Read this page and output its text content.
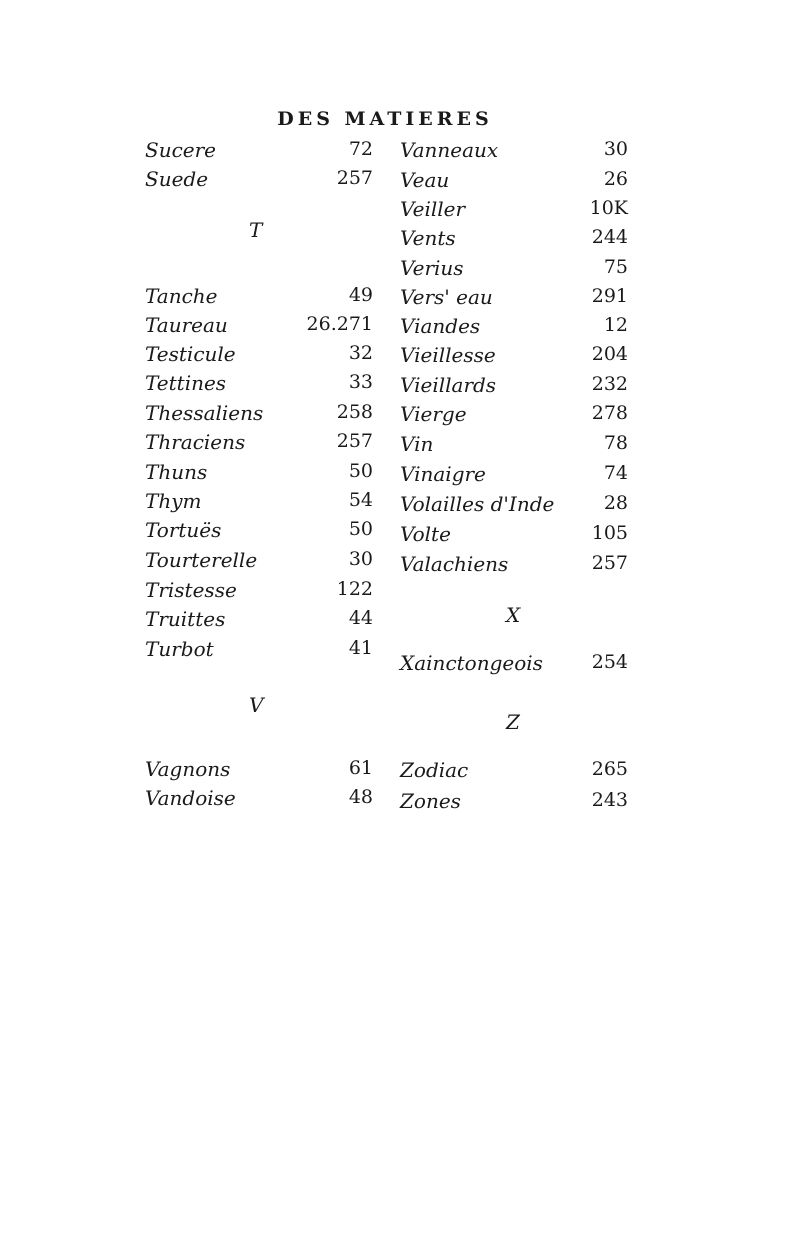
DES MATIERES
Sucere	72
Suede	257
T
Tanche	49
Taureau	26.271
Testicule	32
Tettines	33
Thessaliens	258
Thraciens	257
Thuns	50
Thym	54
Tortuës	50
Tourterelle	30
Tristesse	122
Truittes	44
Turbot	41
V
Vagnons	61
Vandoise	48
Vanneaux	30
Veau	26
Veiller	10K
Vents	244
Verius	75
Vers' eau	291
Viandes	12
Vieillesse	204
Vieillards	232
Vierge	278
Vin	78
Vinaigre	74
Volailles d'Inde	28
Volte	105
Valachiens	257
X
Xainctongeois	254
Z
Zodiac	265
Zones	243
